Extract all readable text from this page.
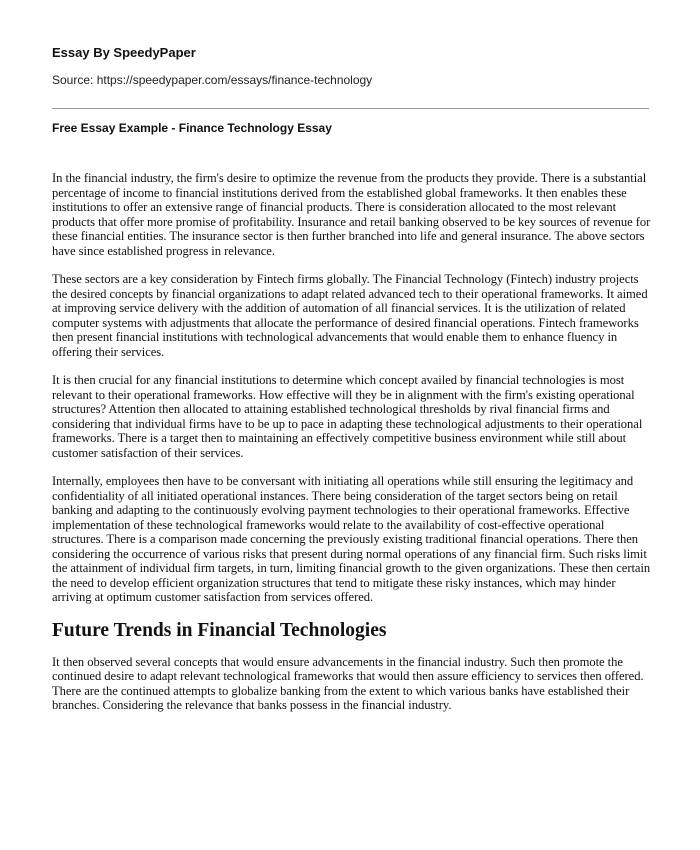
Essay By SpeedyPaper

Source: https://speedypaper.com/essays/finance-technology

Free Essay Example - Finance Technology Essay

In the financial industry, the firm's desire to optimize the revenue from the products they provide. There is a substantial percentage of income to financial institutions derived from the established global frameworks. It then enables these institutions to offer an extensive range of financial products. There is consideration allocated to the most relevant products that offer more promise of profitability. Insurance and retail banking observed to be key sources of revenue for these financial entities. The insurance sector is then further branched into life and general insurance. The above sectors have since established progress in relevance.

These sectors are a key consideration by Fintech firms globally. The Financial Technology (Fintech) industry projects the desired concepts by financial organizations to adapt related advanced tech to their operational frameworks. It aimed at improving service delivery with the addition of automation of all financial services. It is the utilization of related computer systems with adjustments that allocate the performance of desired financial operations. Fintech frameworks then present financial institutions with technological advancements that would enable them to enhance fluency in offering their services.

It is then crucial for any financial institutions to determine which concept availed by financial technologies is most relevant to their operational frameworks. How effective will they be in alignment with the firm's existing operational structures? Attention then allocated to attaining established technological thresholds by rival financial firms and considering that individual firms have to be up to pace in adapting these technological adjustments to their operational frameworks. There is a target then to maintaining an effectively competitive business environment while still about customer satisfaction of their services.

Internally, employees then have to be conversant with initiating all operations while still ensuring the legitimacy and confidentiality of all initiated operational instances. There being consideration of the target sectors being on retail banking and adapting to the continuously evolving payment technologies to their operational frameworks. Effective implementation of these technological frameworks would relate to the availability of cost-effective operational structures. There is a comparison made concerning the previously existing traditional financial operations. There then considering the occurrence of various risks that present during normal operations of any financial firm. Such risks limit the attainment of individual firm targets, in turn, limiting financial growth to the given organizations. These then certain the need to develop efficient organization structures that tend to mitigate these risky instances, which may hinder arriving at optimum customer satisfaction from services offered.

Future Trends in Financial Technologies

It then observed several concepts that would ensure advancements in the financial industry. Such then promote the continued desire to adapt relevant technological frameworks that would then assure efficiency to services then offered. There are the continued attempts to globalize banking from the extent to which various banks have established their branches. Considering the relevance that banks possess in the financial industry.
